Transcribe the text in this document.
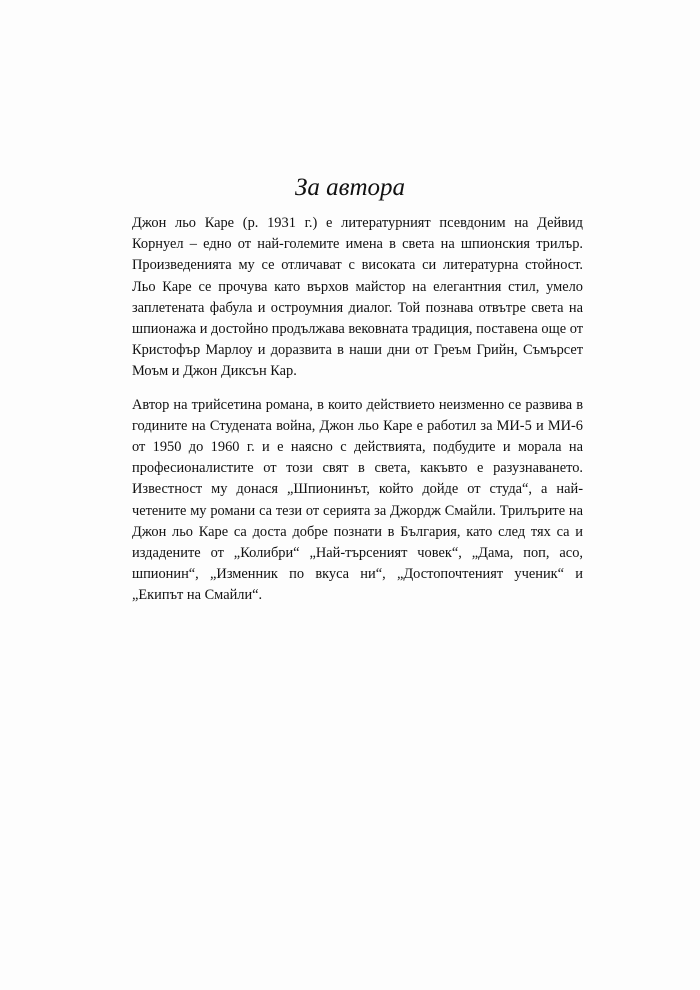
За автора

Джон льо Каре (р. 1931 г.) е литературният псевдоним на Дейвид Корнуел – едно от най-големите имена в света на шпионския трилър. Произведенията му се отличават с високата си литературна стойност. Льо Каре се прочува като върхов майстор на елегантния стил, умело заплетената фабула и остроумния диалог. Той познава отвътре света на шпионажа и достойно продължава вековната традиция, поставена още от Кристофър Марлоу и доразвита в наши дни от Греъм Грийн, Съмърсет Моъм и Джон Диксън Кар.

Автор на трийсетина романа, в които действието неизменно се развива в годините на Студената война, Джон льо Каре е работил за МИ-5 и МИ-6 от 1950 до 1960 г. и е наясно с действията, подбудите и морала на професионалистите от този свят в света, какъвто е разузнаването. Известност му донася „Шпионинът, който дойде от студа“, а най-четените му романи са тези от серията за Джордж Смайли. Трилърите на Джон льо Каре са доста добре познати в България, като след тях са и издадените от „Колибри“ „Най-търсеният човек“, „Дама, поп, асо, шпионин“, „Изменник по вкуса ни“, „Достопочтеният ученик“ и „Екипът на Смайли“.
